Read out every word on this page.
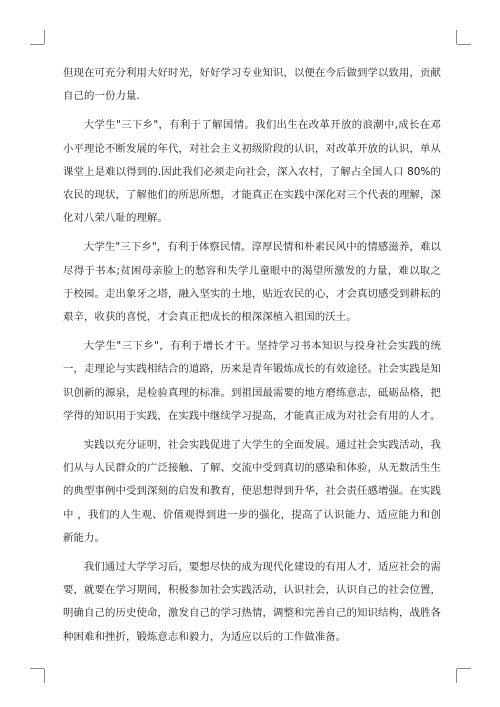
但现在可充分利用大好时光，好好学习专业知识，以便在今后做到学以致用，贡献自己的一份力量.

大学生"三下乡"，有利于了解国情。我们出生在改革开放的浪潮中,成长在邓小平理论不断发展的年代，对社会主义初级阶段的认识，对改革开放的认识，单从课堂上是难以得到的.因此我们必须走向社会，深入农村，了解占全国人口 80%的农民的现状，了解他们的所思所想，才能真正在实践中深化对三个代表的理解，深化对八荣八耻的理解。

大学生"三下乡"，有利于体察民情。淳厚民情和朴素民风中的情感滋养，难以尽得于书本;贫困母亲脸上的愁容和失学儿童眼中的渴望所激发的力量，难以取之于校园。走出象牙之塔，融入坚实的土地，贴近农民的心，才会真切感受到耕耘的艰辛，收获的喜悦，才会真正把成长的根深深植入祖国的沃土。

大学生"三下乡"，有利于增长才干。坚持学习书本知识与投身社会实践的统一，走理论与实践相结合的道路，历来是青年锻炼成长的有效途径。社会实践是知识创新的源泉，是检验真理的标准。到祖国最需要的地方磨练意志，砥砺品格，把学得的知识用于实践，在实践中继续学习提高，才能真正成为对社会有用的人才。

实践以充分证明，社会实践促进了大学生的全面发展。通过社会实践活动，我们从与人民群众的广泛接触、了解、交流中受到真切的感染和体验，从无数活生生的典型事例中受到深刻的启发和教育，使思想得到升华，社会责任感增强。在实践中 ，我们的人生观、价值观得到进一步的强化，提高了认识能力、适应能力和创新能力。

我们通过大学学习后，要想尽快的成为现代化建设的有用人才，适应社会的需要，就要在学习期间，积极参加社会实践活动，认识社会，认识自己的社会位置，明确自己的历史使命，激发自己的学习热情，调整和完善自己的知识结构，战胜各种困难和挫折，锻炼意志和毅力，为适应以后的工作做准备。
